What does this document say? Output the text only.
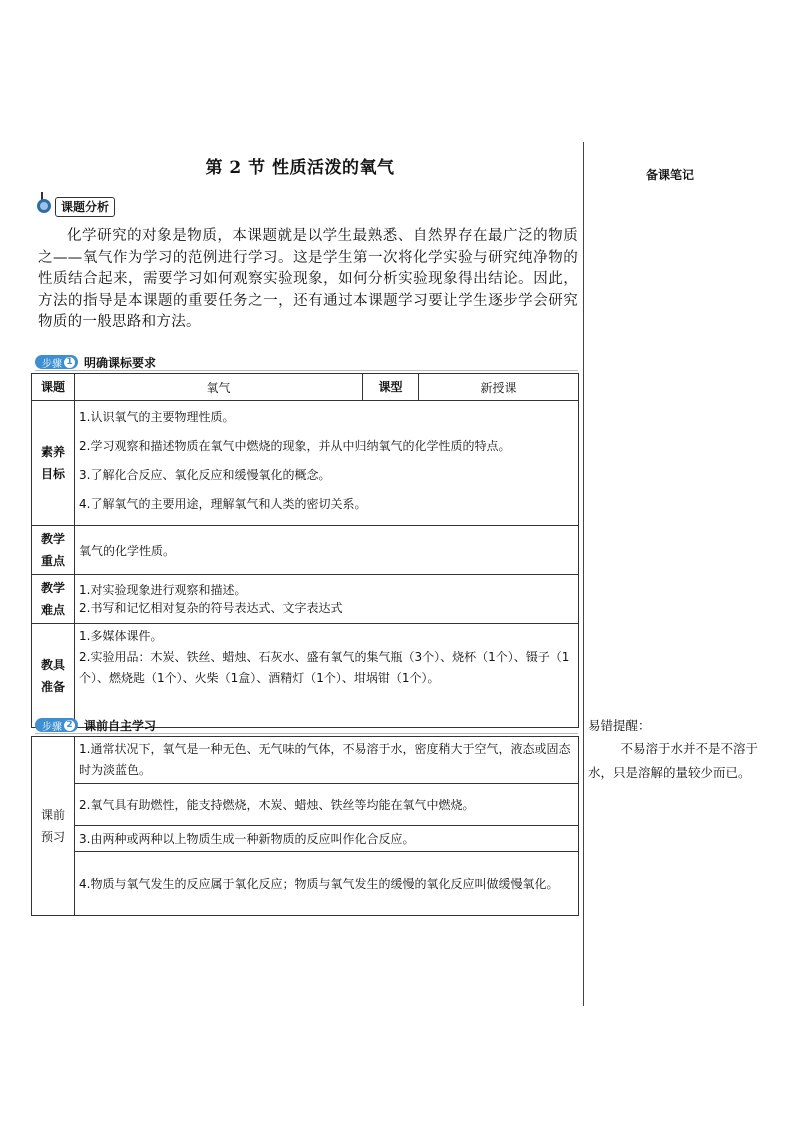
第 2 节 性质活泼的氧气	备课笔记
课题分析
化学研究的对象是物质，本课题就是以学生最熟悉、自然界存在最广泛的物质之——氧气作为学习的范例进行学习。这是学生第一次将化学实验与研究纯净物的性质结合起来，需要学习如何观察实验现象，如何分析实验现象得出结论。因此，方法的指导是本课题的重要任务之一，还有通过本课题学习要让学生逐步学会研究物质的一般思路和方法。
步骤 1 明确课标要求
课题	氧气	课型	新授课
素养目标	1.认识氧气的主要物理性质。
2.学习观察和描述物质在氧气中燃烧的现象，并从中归纳氧气的化学性质的特点。
3.了解化合反应、氧化反应和缓慢氧化的概念。
4.了解氧气的主要用途，理解氧气和人类的密切关系。		

教学重点	氧气的化学性质。		
教学难点	1.对实验现象进行观察和描述。
2.书写和记忆相对复杂的符号表达式、文字表达式		

教具准备	1.多媒体课件。
2.实验用品：木炭、铁丝、蜡烛、石灰水、盛有氧气的集气瓶（3个）、烧杯（1个）、镊子（1个）、燃烧匙（1个）、火柴（1盒）、酒精灯（1个）、坩埚钳（1个）。		
步骤 2 课前自主学习
课前预习	
1.通常状况下，氧气是一种无色、无气味的气体，不易溶于水，密度稍大于空气，液态或固态时为淡蓝色。

2.氧气具有助燃性，能支持燃烧，木炭、蜡烛、铁丝等均能在氧气中燃烧。
3.由两种或两种以上物质生成一种新物质的反应叫作化合反应。

4.物质与氧气发生的反应属于氧化反应；物质与氧气发生的缓慢的氧化反应叫做缓慢氧化。
易错提醒：
不易溶于水并不是不溶于水，只是溶解的量较少而已。
